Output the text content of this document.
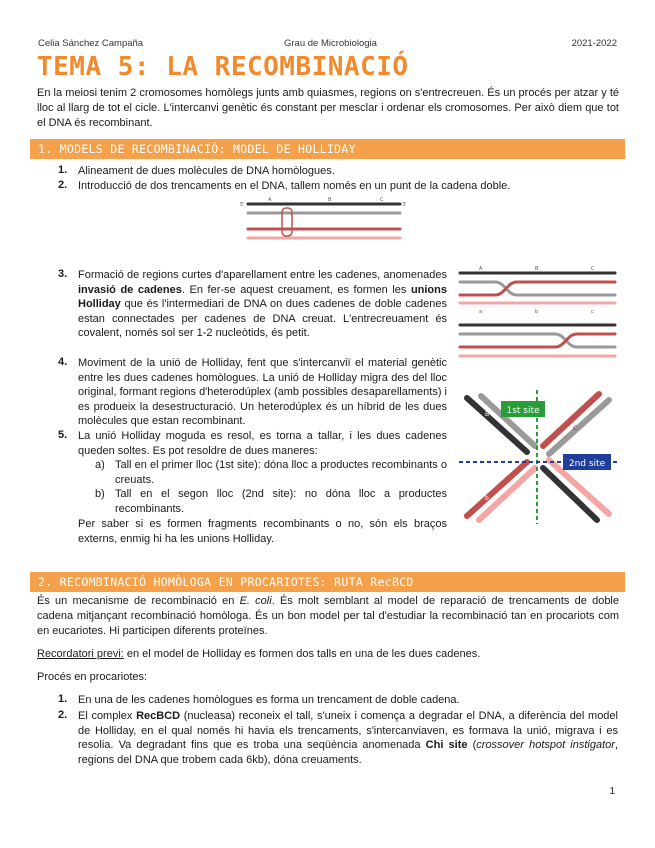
Celia Sánchez Campaña	Grau de Microbiologia	2021-2022
TEMA 5: LA RECOMBINACIÓ
En la meiosi tenim 2 cromosomes homòlegs junts amb quiasmes, regions on s'entrecreuen. És un procés per atzar y té lloc al llarg de tot el cicle. L'intercanvi genètic és constant per mesclar i ordenar els cromosomes. Per això diem que tot el DNA és recombinant.
1. MODELS DE RECOMBINACIÓ: MODEL DE HOLLIDAY
1. Alineament de dues molècules de DNA homòlogues.
2. Introducció de dos trencaments en el DNA, tallem només en un punt de la cadena doble.
A	B	C
5'	3'
3. Formació de regions curtes d'aparellament entre les cadenes, anomenades invasió de cadenes. En fer-se aquest creuament, es formen les unions Holliday que és l'intermediari de DNA on dues cadenes de doble cadenes estan connectades per cadenes de DNA creuat. L'entrecreuament és covalent, només sol ser 1-2 nucleòtids, és petit.
A	B	C
a	b	c
4. Moviment de la unió de Holliday, fent que s'intercanviï el material genètic entre les dues cadenes homòlogues. La unió de Holliday migra des del lloc original, formant regions d'heterodúplex (amb possibles desaparellaments) i es produeix la desestructuració. Un heterodúplex és un híbrid de les dues molècules que estan recombinant.
1st site
2nd site
B
C
b
5. La unió Holliday moguda es resol, es torna a tallar, i les dues cadenes queden soltes. Es pot resoldre de dues maneres:
a) Tall en el primer lloc (1st site): dóna lloc a productes recombinants o creuats.
b) Tall en el segon lloc (2nd site): no dóna lloc a productes recombinants.
Per saber si es formen fragments recombinants o no, són els braços externs, enmig hi ha les unions Holliday.
2. RECOMBINACIÓ HOMÒLOGA EN PROCARIOTES: RUTA RecBCD
És un mecanisme de recombinació en E. coli. És molt semblant al model de reparació de trencaments de doble cadena mitjançant recombinació homòloga. És un bon model per tal d'estudiar la recombinació tan en procariots com en eucariotes. Hi participen diferents proteïnes.
Recordatori previ: en el model de Holliday es formen dos talls en una de les dues cadenes.
Procés en procariotes:
1. En una de les cadenes homòlogues es forma un trencament de doble cadena.
2. El complex RecBCD (nucleasa) reconeix el tall, s'uneix i comença a degradar el DNA, a diferència del model de Holliday, en el qual només hi havia els trencaments, s'intercanviaven, es formava la unió, migrava i es resolia. Va degradant fins que es troba una seqüència anomenada Chi site (crossover hotspot instigator, regions del DNA que trobem cada 6kb), dóna creuaments.
1
